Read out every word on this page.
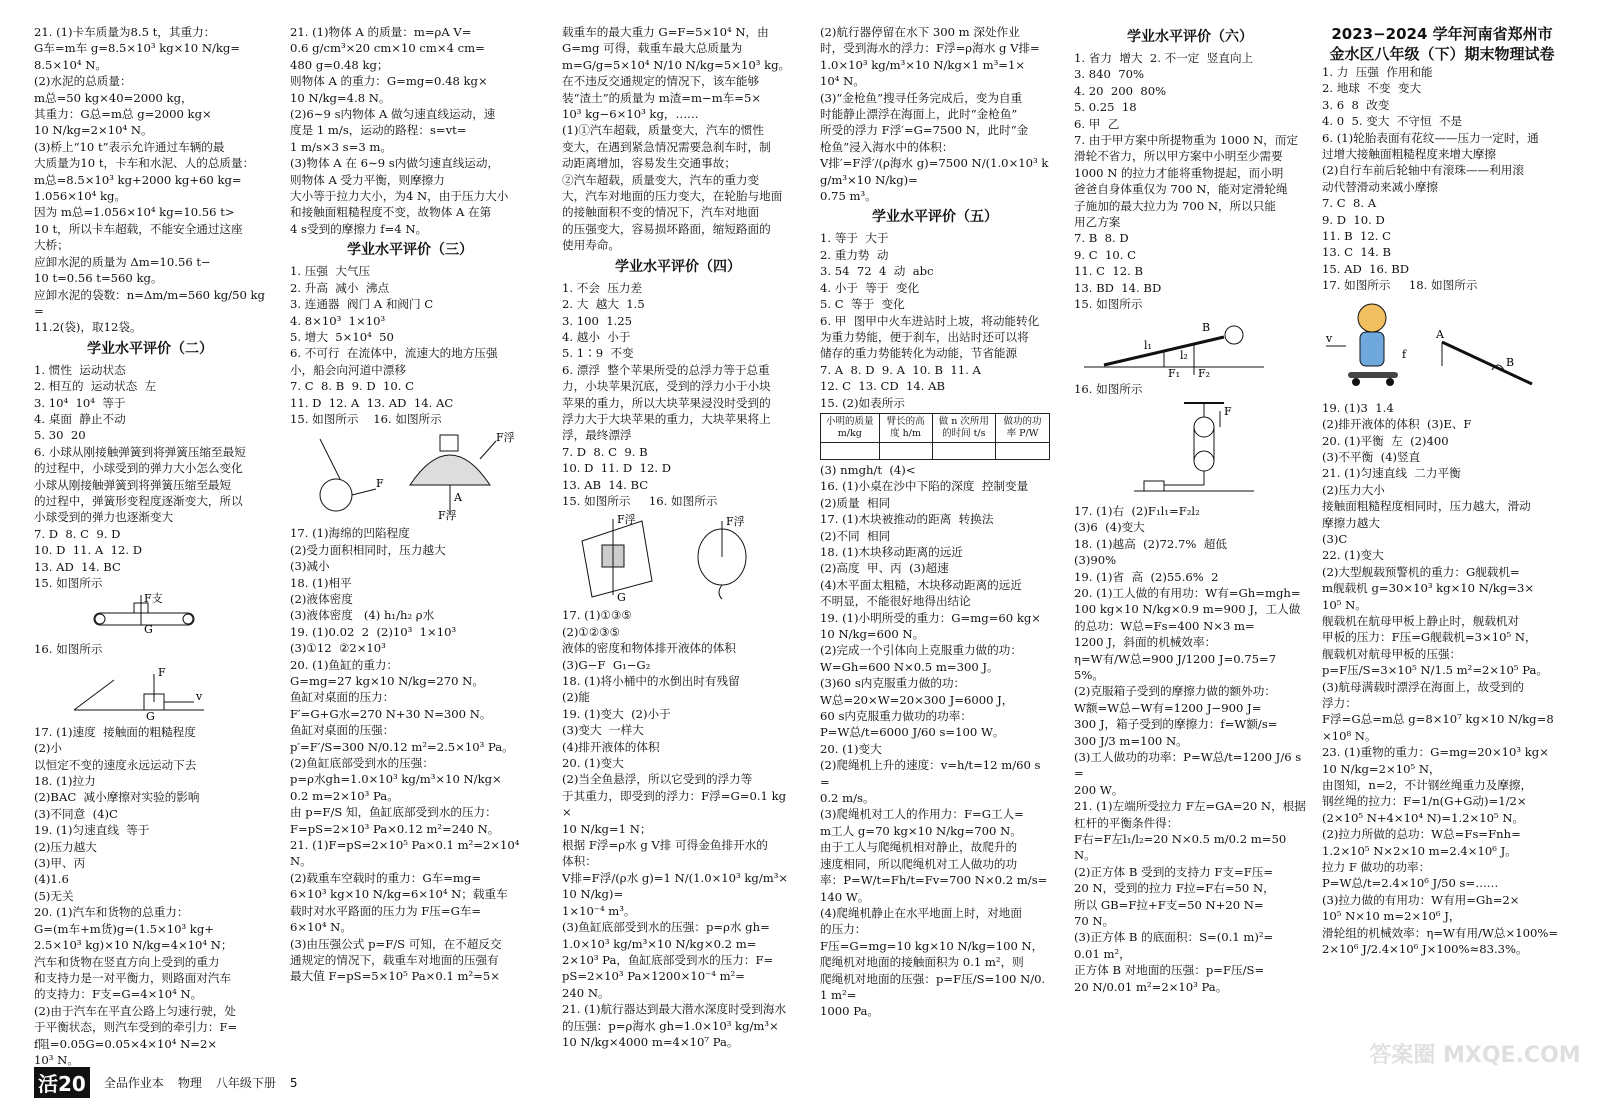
21. (1)卡车质量为8.5 t，其重力：

G车=m车 g=8.5×10³ kg×10 N/kg=

8.5×10⁴ N。

(2)水泥的总质量：

m总=50 kg×40=2000 kg，

其重力：G总=m总 g=2000 kg×

10 N/kg=2×10⁴ N。

(3)桥上“10 t”表示允许通过车辆的最

大质量为10 t，卡车和水泥、人的总质量：

m总=8.5×10³ kg+2000 kg+60 kg=

1.056×10⁴ kg。

因为 m总=1.056×10⁴ kg=10.56 t>

10 t，所以卡车超载，不能安全通过这座

大桥；

应卸水泥的质量为 Δm=10.56 t−

10 t=0.56 t=560 kg。

应卸水泥的袋数：n=Δm/m=560 kg/50 kg=

11.2(袋)，取12袋。

学业水平评价（二）

1. 惯性  运动状态

2. 相互的  运动状态  左

3. 10⁴  10⁴  等于

4. 桌面  静止不动

5. 30  20

6. 小球从刚接触弹簧到将弹簧压缩至最短

的过程中，小球受到的弹力大小怎么变化

小球从刚接触弹簧到将弹簧压缩至最短

的过程中，弹簧形变程度逐渐变大，所以

小球受到的弹力也逐渐变大

7. D  8. C  9. D

10. D  11. A  12. D

13. AD  14. BC

15. 如图所示

F支
G

16. 如图所示

F
v
G

17. (1)速度  接触面的粗糙程度

(2)小

以恒定不变的速度永远运动下去

18. (1)拉力

(2)BAC  减小摩擦对实验的影响

(3)不同意  (4)C

19. (1)匀速直线  等于

(2)压力越大

(3)甲、丙

(4)1.6

(5)无关

20. (1)汽车和货物的总重力：

G=(m车+m货)g=(1.5×10³ kg+

2.5×10³ kg)×10 N/kg=4×10⁴ N；

汽车和货物在竖直方向上受到的重力

和支持力是一对平衡力，则路面对汽车

的支持力：F支=G=4×10⁴ N。

(2)由于汽车在平直公路上匀速行驶，处

于平衡状态，则汽车受到的牵引力：F=

f阻=0.05G=0.05×4×10⁴ N=2×

10³ N。

21. (1)物体 A 的质量：m=ρA V=

0.6 g/cm³×20 cm×10 cm×4 cm=

480 g=0.48 kg；

则物体 A 的重力：G=mg=0.48 kg×

10 N/kg=4.8 N。

(2)6∼9 s内物体 A 做匀速直线运动，速

度是 1 m/s，运动的路程：s=vt=

1 m/s×3 s=3 m。

(3)物体 A 在 6∼9 s内做匀速直线运动，

则物体 A 受力平衡，则摩擦力

大小等于拉力大小，为4 N，由于压力大小

和接触面粗糙程度不变，故物体 A 在第

4 s受到的摩擦力 f=4 N。

学业水平评价（三）

1. 压强  大气压

2. 升高  减小  沸点

3. 连通器  阀门 A 和阀门 C

4. 8×10³  1×10³

5. 增大  5×10⁴  50

6. 不可行  在流体中，流速大的地方压强

小，船会向河道中漂移

7. C  8. B  9. D  10. C

11. D  12. A  13. AD  14. AC

15. 如图所示    16. 如图所示

F
F浮
A
F浮

17. (1)海绵的凹陷程度

(2)受力面积相同时，压力越大

(3)减小

18. (1)相平

(2)液体密度

(3)液体密度   (4) h₁/h₂ ρ水

19. (1)0.02  2  (2)10³  1×10³

(3)①12  ②2×10³

20. (1)鱼缸的重力：

G=mg=27 kg×10 N/kg=270 N。

鱼缸对桌面的压力：

F′=G+G水=270 N+30 N=300 N。

鱼缸对桌面的压强：

p′=F′/S=300 N/0.12 m²=2.5×10³ Pa。

(2)鱼缸底部受到水的压强：

p=ρ水gh=1.0×10³ kg/m³×10 N/kg×

0.2 m=2×10³ Pa。

由 p=F/S 知，鱼缸底部受到水的压力：

F=pS=2×10³ Pa×0.12 m²=240 N。

21. (1)F=pS=2×10⁵ Pa×0.1 m²=2×10⁴ N。

(2)载重车空载时的重力：G车=mg=

6×10³ kg×10 N/kg=6×10⁴ N；载重车

载时对水平路面的压力为 F压=G车=

6×10⁴ N。

(3)由压强公式 p=F/S 可知，在不超反交

通规定的情况下，载重车对地面的压强有

最大值 F=pS=5×10⁵ Pa×0.1 m²=5×

载重车的最大重力 G=F=5×10⁴ N，由

G=mg 可得，载重车最大总质量为

m=G/g=5×10⁴ N/10 N/kg=5×10³ kg。

在不违反交通规定的情况下，该车能够

装“渣土”的质量为 m渣=m−m车=5×

10³ kg−6×10³ kg，……

(1)①汽车超载，质量变大，汽车的惯性

变大，在遇到紧急情况需要急刹车时，制

动距离增加，容易发生交通事故；

②汽车超载，质量变大，汽车的重力变

大，汽车对地面的压力变大，在轮胎与地面

的接触面积不变的情况下，汽车对地面

的压强变大，容易损坏路面，缩短路面的

使用寿命。

学业水平评价（四）

1. 不会  压力差

2. 大  越大  1.5

3. 100  1.25

4. 越小  小于

5. 1∶9  不变

6. 漂浮  整个苹果所受的总浮力等于总重

力，小块苹果沉底，受到的浮力小于小块

苹果的重力，所以大块苹果浸没时受到的

浮力大于大块苹果的重力，大块苹果将上

浮，最终漂浮

7. D  8. C  9. B

10. D  11. D  12. D

13. AB  14. BC

15. 如图所示     16. 如图所示

F浮
G
F浮

17. (1)①③⑤

(2)①②③⑤

液体的密度和物体排开液体的体积

(3)G−F  G₁−G₂

18. (1)将小桶中的水倒出时有残留

(2)能

19. (1)变大  (2)小于

(3)变大  一样大

(4)排开液体的体积

20. (1)变大

(2)当全鱼悬浮，所以它受到的浮力等

于其重力，即受到的浮力：F浮=G=0.1 kg×

10 N/kg=1 N；

根据 F浮=ρ水 g V排 可得金鱼排开水的

体积：

V排=F浮/(ρ水 g)=1 N/(1.0×10³ kg/m³×10 N/kg)=

1×10⁻⁴ m³。

(3)鱼缸底部受到水的压强：p=ρ水 gh=

1.0×10³ kg/m³×10 N/kg×0.2 m=

2×10³ Pa，鱼缸底部受到水的压力：F=

pS=2×10³ Pa×1200×10⁻⁴ m²=

240 N。

21. (1)航行器达到最大潜水深度时受到海水

的压强：p=ρ海水 gh=1.0×10³ kg/m³×

10 N/kg×4000 m=4×10⁷ Pa。

(2)航行器停留在水下 300 m 深处作业

时，受到海水的浮力：F浮=ρ海水 g V排=

1.0×10³ kg/m³×10 N/kg×1 m³=1×

10⁴ N。

(3)“金枪鱼”搜寻任务完成后，变为自重

时能静止漂浮在海面上，此时“金枪鱼”

所受的浮力 F浮′=G=7500 N，此时“金

枪鱼”浸入海水中的体积：

V排′=F浮′/(ρ海水 g)=7500 N/(1.0×10³ kg/m³×10 N/kg)=

0.75 m³。

学业水平评价（五）

1. 等于  大于

2. 重力势  动

3. 54  72  4  动  abc

4. 小于  等于  变化

5. C  等于  变化

6. 甲  图甲中火车进站时上坡，将动能转化

为重力势能，便于刹车，出站时还可以将

储存的重力势能转化为动能，节省能源

7. A  8. D  9. A  10. B  11. A

12. C  13. CD  14. AB

15. (2)如表所示

小明的质量 m/kg	臂长的高度 h/m	做 n 次所用的时间 t/s	做功的功率 P/W

(3) nmgh/t  (4)<

16. (1)小桌在沙中下陷的深度  控制变量

(2)质量  相同

17. (1)木块被推动的距离  转换法

(2)不同  相同

18. (1)木块移动距离的远近

(2)高度  甲、丙  (3)超速

(4)木平面太粗糙，木块移动距离的远近

不明显，不能很好地得出结论

19. (1)小明所受的重力：G=mg=60 kg×

10 N/kg=600 N。

(2)完成一个引体向上克服重力做的功：

W=Gh=600 N×0.5 m=300 J。

(3)60 s内克服重力做的功：

W总=20×W=20×300 J=6000 J，

60 s内克服重力做功的功率：

P=W总/t=6000 J/60 s=100 W。

20. (1)变大

(2)爬绳机上升的速度：v=h/t=12 m/60 s=

0.2 m/s。

(3)爬绳机对工人的作用力：F=G工人=

m工人 g=70 kg×10 N/kg=700 N。

由于工人与爬绳机相对静止，故爬升的

速度相同，所以爬绳机对工人做功的功

率：P=W/t=Fh/t=Fv=700 N×0.2 m/s=

140 W。

(4)爬绳机静止在水平地面上时，对地面

的压力：

F压=G=mg=10 kg×10 N/kg=100 N，

爬绳机对地面的接触面积为 0.1 m²，则

爬绳机对地面的压强：p=F压/S=100 N/0.1 m²=

1000 Pa。

学业水平评价（六）

1. 省力  增大  2. 不一定  竖直向上

3. 840  70%

4. 20  200  80%

5. 0.25  18

6. 甲  乙

7. 由于甲方案中所提物重为 1000 N，而定

滑轮不省力，所以甲方案中小明至少需要

1000 N 的拉力才能将重物提起，而小明

爸爸自身体重仅为 700 N，能对定滑轮绳

子施加的最大拉力为 700 N，所以只能

用乙方案

7. B  8. D

9. C  10. C

11. C  12. B

13. BD  14. BD

15. 如图所示

B
l₁
F₁ F₂
l₂

16. 如图所示

F

17. (1)右  (2)F₁l₁=F₂l₂

(3)6  (4)变大

18. (1)越高  (2)72.7%  超低

(3)90%

19. (1)省  高  (2)55.6%  2

20. (1)工人做的有用功：W有=Gh=mgh=

100 kg×10 N/kg×0.9 m=900 J，工人做

的总功：W总=Fs=400 N×3 m=

1200 J，斜面的机械效率：

η=W有/W总=900 J/1200 J=0.75=75%。

(2)克服箱子受到的摩擦力做的额外功：

W额=W总−W有=1200 J−900 J=

300 J，箱子受到的摩擦力：f=W额/s=

300 J/3 m=100 N。

(3)工人做功的功率：P=W总/t=1200 J/6 s=

200 W。

21. (1)左端所受拉力 F左=GA=20 N，根据

杠杆的平衡条件得：

F右=F左l₁/l₂=20 N×0.5 m/0.2 m=50 N。

(2)正方体 B 受到的支持力 F支=F压=

20 N，受到的拉力 F拉=F右=50 N，

所以 GB=F拉+F支=50 N+20 N=

70 N。

(3)正方体 B 的底面积：S=(0.1 m)²=

0.01 m²，

正方体 B 对地面的压强：p=F压/S=

20 N/0.01 m²=2×10³ Pa。

2023−2024 学年河南省郑州市

金水区八年级（下）期末物理试卷

1. 力  压强  作用和能

2. 地球  不变  变大

3. 6  8  改变

4. 0  5. 变大  不守恒  不是

6. (1)轮胎表面有花纹——压力一定时，通

过增大接触面粗糙程度来增大摩擦

(2)自行车前后轮轴中有滚珠——利用滚

动代替滑动来减小摩擦

7. C  8. A

9. D  10. D

11. B  12. C

13. C  14. B

15. AD  16. BD

17. 如图所示     18. 如图所示

v
f
A
B

19. (1)3  1.4

(2)排开液体的体积  (3)E、F

20. (1)平衡  左  (2)400

(3)不平衡  (4)竖直

21. (1)匀速直线  二力平衡

(2)压力大小

接触面粗糙程度相同时，压力越大，滑动

摩擦力越大

(3)C

22. (1)变大

(2)大型舰载预警机的重力：G舰载机=

m舰载机 g=30×10³ kg×10 N/kg=3×

10⁵ N。

舰载机在航母甲板上静止时，舰载机对

甲板的压力：F压=G舰载机=3×10⁵ N，

舰载机对航母甲板的压强：

p=F压/S=3×10⁵ N/1.5 m²=2×10⁵ Pa。

(3)航母满载时漂浮在海面上，故受到的

浮力：

F浮=G总=m总 g=8×10⁷ kg×10 N/kg=8×10⁸ N。

23. (1)重物的重力：G=mg=20×10³ kg×

10 N/kg=2×10⁵ N，

由图知，n=2，不计钢丝绳重力及摩擦，

钢丝绳的拉力：F=1/n(G+G动)=1/2×

(2×10⁵ N+4×10⁴ N)=1.2×10⁵ N。

(2)拉力所做的总功：W总=Fs=Fnh=

1.2×10⁵ N×2×10 m=2.4×10⁶ J。

拉力 F 做功的功率：

P=W总/t=2.4×10⁶ J/50 s=……

(3)拉力做的有用功：W有用=Gh=2×

10⁵ N×10 m=2×10⁶ J，

滑轮组的机械效率：η=W有用/W总×100%=

2×10⁶ J/2.4×10⁶ J×100%≈83.3%。

活20	全品作业本 物理 八年级下册 5
答案圈 MXQE.COM
